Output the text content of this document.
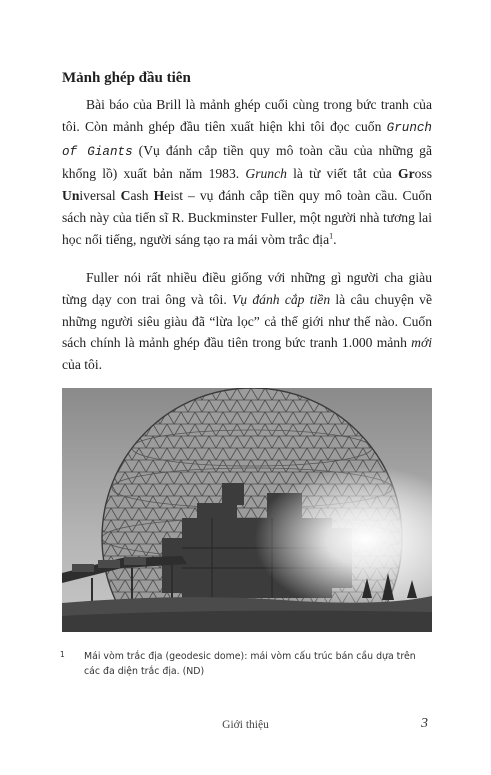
Mảnh ghép đầu tiên

Bài báo của Brill là mảnh ghép cuối cùng trong bức tranh của tôi. Còn mảnh ghép đầu tiên xuất hiện khi tôi đọc cuốn Grunch of Giants (Vụ đánh cắp tiền quy mô toàn cầu của những gã khổng lồ) xuất bản năm 1983. Grunch là từ viết tắt của Gross Universal Cash Heist – vụ đánh cắp tiền quy mô toàn cầu. Cuốn sách này của tiến sĩ R. Buckminster Fuller, một người nhà tương lai học nổi tiếng, người sáng tạo ra mái vòm trắc địa$^1$.

Fuller nói rất nhiều điều giống với những gì người cha giàu từng dạy con trai ông và tôi. Vụ đánh cắp tiền là câu chuyện về những người siêu giàu đã “lừa lọc” cả thế giới như thế nào. Cuốn sách chính là mảnh ghép đầu tiên trong bức tranh 1.000 mảnh mới của tôi.

1	Mái vòm trắc địa (geodesic dome): mái vòm cấu trúc bán cầu dựa trên các đa diện trắc địa. (ND)

Giới thiệu	3
